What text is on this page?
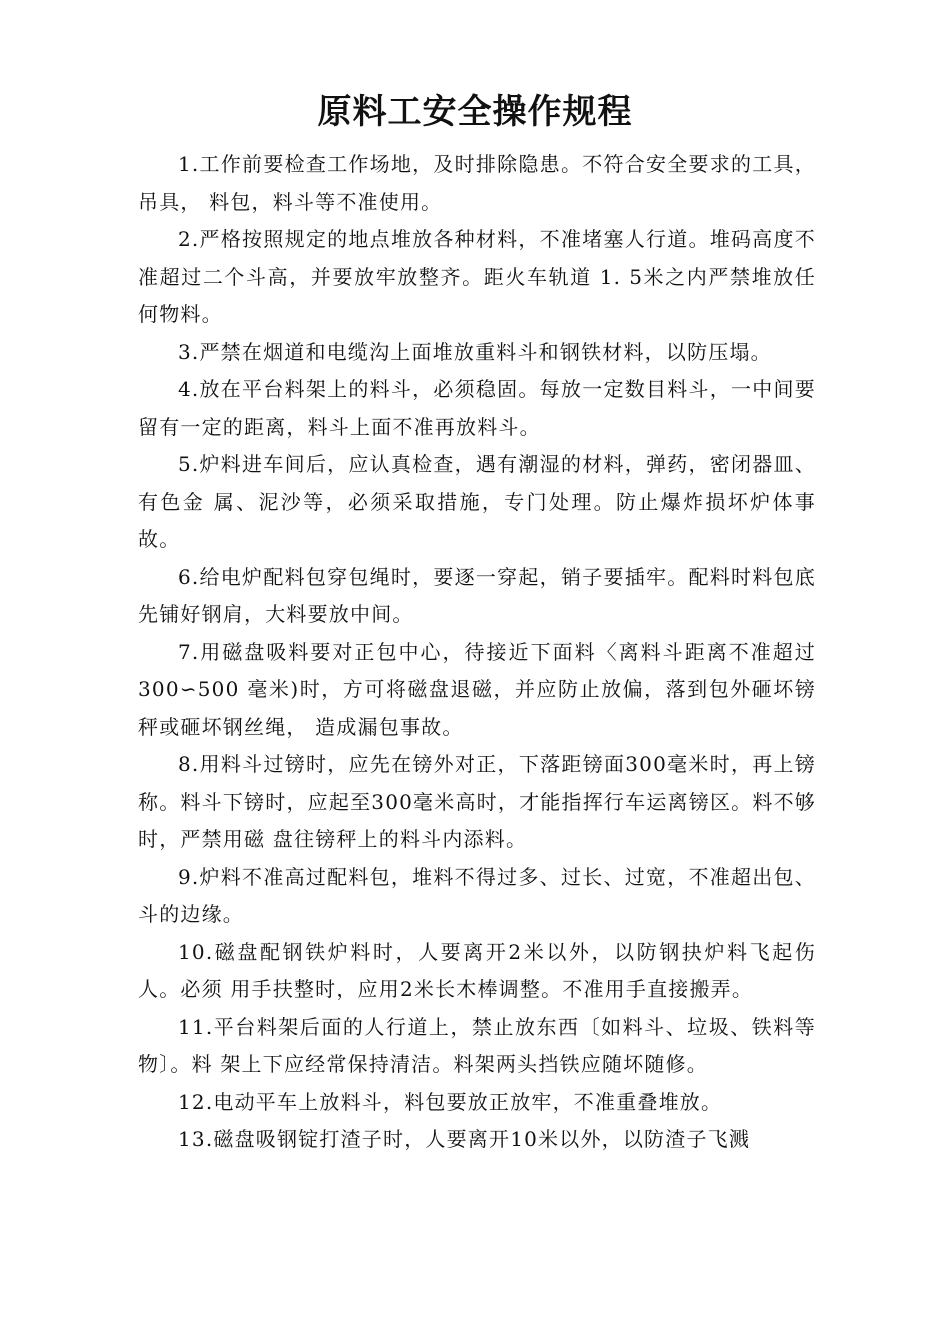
原料工安全操作规程

1.工作前要检查工作场地，及时排除隐患。不符合安全要求的工具，吊具， 料包，料斗等不准使用。

2.严格按照规定的地点堆放各种材料，不准堵塞人行道。堆码高度不准超过二个斗高，并要放牢放整齐。距火车轨道 1. 5米之内严禁堆放任何物料。

3.严禁在烟道和电缆沟上面堆放重料斗和钢铁材料，以防压塌。

4.放在平台料架上的料斗，必须稳固。每放一定数目料斗，一中间要留有一定的距离，料斗上面不准再放料斗。

5.炉料进车间后，应认真检查，遇有潮湿的材料，弹药，密闭器皿、有色金 属、泥沙等，必须采取措施，专门处理。防止爆炸损坏炉体事故。

6.给电炉配料包穿包绳时，要逐一穿起，销子要插牢。配料时料包底先铺好钢肩，大料要放中间。

7.用磁盘吸料要对正包中心，待接近下面料〈离料斗距离不准超过300∽500 毫米)时，方可将磁盘退磁，并应防止放偏，落到包外砸坏镑秤或砸坏钢丝绳， 造成漏包事故。

8.用料斗过镑时，应先在镑外对正，下落距镑面300毫米时，再上镑称。料斗下镑时，应起至300毫米高时，才能指挥行车运离镑区。料不够时，严禁用磁 盘往镑秤上的料斗内添料。

9.炉料不准高过配料包，堆料不得过多、过长、过宽，不准超出包、斗的边缘。

10.磁盘配钢铁炉料时，人要离开2米以外，以防钢抉炉料飞起伤人。必须 用手扶整时，应用2米长木棒调整。不准用手直接搬弄。

11.平台料架后面的人行道上，禁止放东西〔如料斗、垃圾、铁料等物〕。料 架上下应经常保持清洁。料架两头挡铁应随坏随修。

12.电动平车上放料斗，料包要放正放牢，不准重叠堆放。

13.磁盘吸钢锭打渣子时，人要离开10米以外，以防渣子飞溅
